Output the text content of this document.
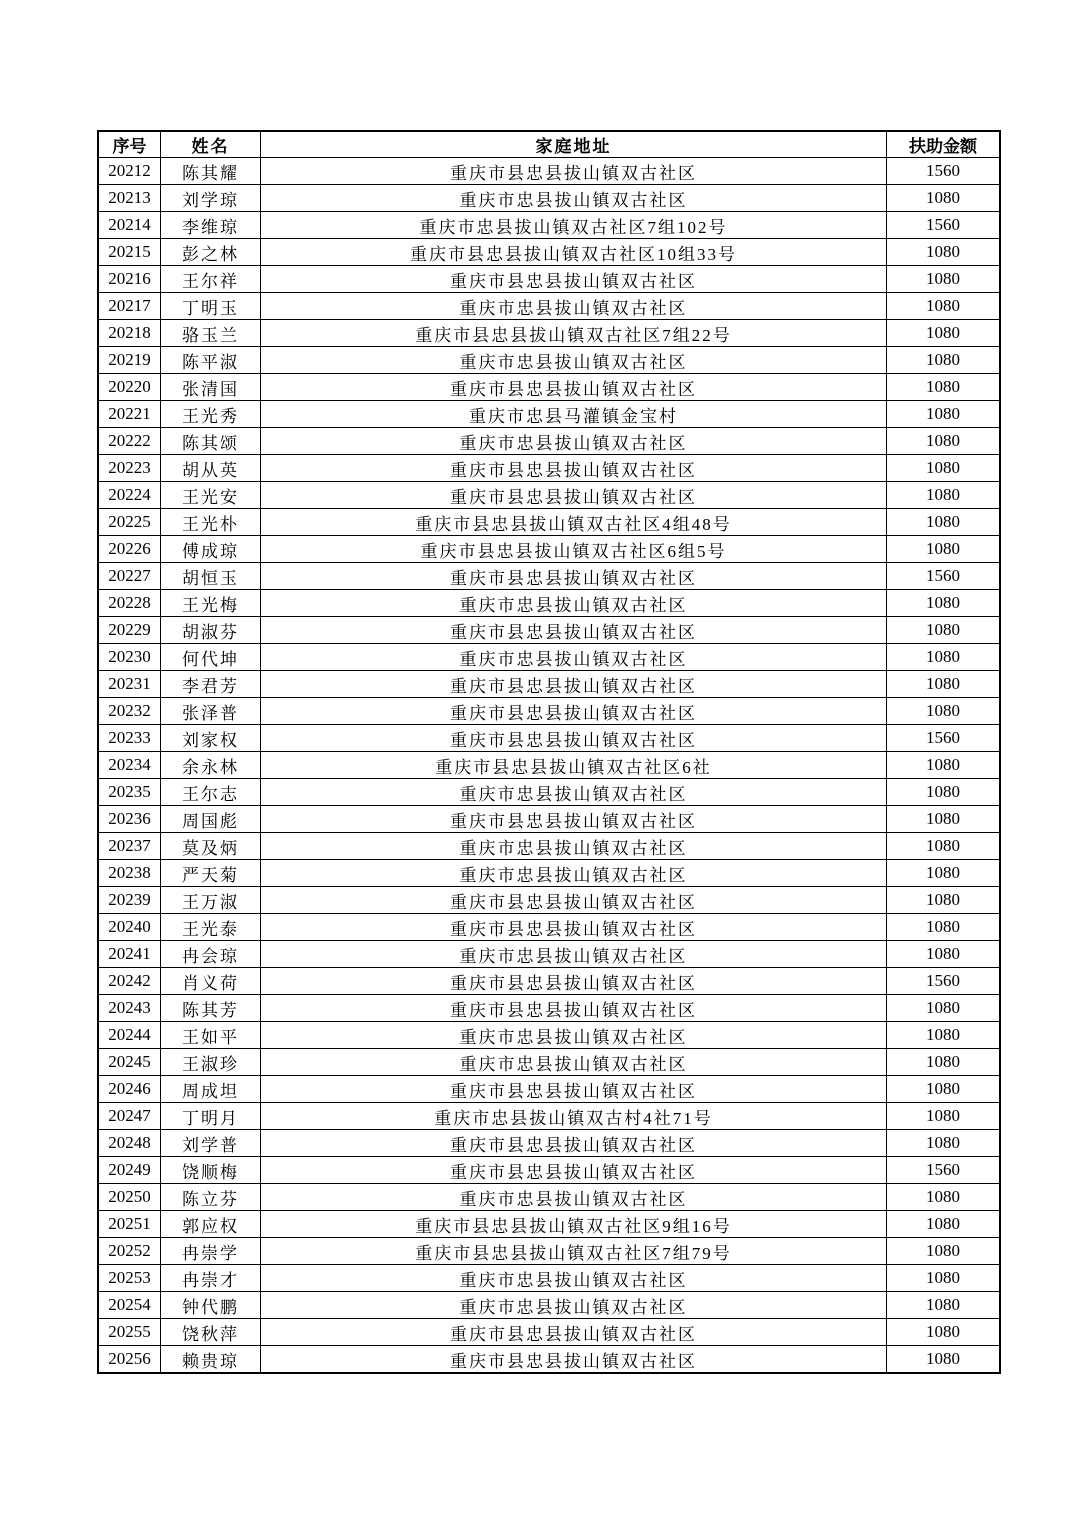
序号	姓名	家庭地址	扶助金额
20212	陈其耀	重庆市县忠县拔山镇双古社区	1560
20213	刘学琼	重庆市忠县拔山镇双古社区	1080
20214	李维琼	重庆市忠县拔山镇双古社区7组102号	1560
20215	彭之林	重庆市县忠县拔山镇双古社区10组33号	1080
20216	王尔祥	重庆市县忠县拔山镇双古社区	1080
20217	丁明玉	重庆市忠县拔山镇双古社区	1080
20218	骆玉兰	重庆市县忠县拔山镇双古社区7组22号	1080
20219	陈平淑	重庆市忠县拔山镇双古社区	1080
20220	张清国	重庆市县忠县拔山镇双古社区	1080
20221	王光秀	重庆市忠县马灌镇金宝村	1080
20222	陈其颂	重庆市忠县拔山镇双古社区	1080
20223	胡从英	重庆市县忠县拔山镇双古社区	1080
20224	王光安	重庆市县忠县拔山镇双古社区	1080
20225	王光朴	重庆市县忠县拔山镇双古社区4组48号	1080
20226	傅成琼	重庆市县忠县拔山镇双古社区6组5号	1080
20227	胡恒玉	重庆市县忠县拔山镇双古社区	1560
20228	王光梅	重庆市忠县拔山镇双古社区	1080
20229	胡淑芬	重庆市县忠县拔山镇双古社区	1080
20230	何代坤	重庆市忠县拔山镇双古社区	1080
20231	李君芳	重庆市县忠县拔山镇双古社区	1080
20232	张泽普	重庆市县忠县拔山镇双古社区	1080
20233	刘家权	重庆市县忠县拔山镇双古社区	1560
20234	余永林	重庆市县忠县拔山镇双古社区6社	1080
20235	王尔志	重庆市忠县拔山镇双古社区	1080
20236	周国彪	重庆市县忠县拔山镇双古社区	1080
20237	莫及炳	重庆市忠县拔山镇双古社区	1080
20238	严天菊	重庆市忠县拔山镇双古社区	1080
20239	王万淑	重庆市县忠县拔山镇双古社区	1080
20240	王光泰	重庆市县忠县拔山镇双古社区	1080
20241	冉会琼	重庆市忠县拔山镇双古社区	1080
20242	肖义荷	重庆市县忠县拔山镇双古社区	1560
20243	陈其芳	重庆市县忠县拔山镇双古社区	1080
20244	王如平	重庆市忠县拔山镇双古社区	1080
20245	王淑珍	重庆市忠县拔山镇双古社区	1080
20246	周成坦	重庆市县忠县拔山镇双古社区	1080
20247	丁明月	重庆市忠县拔山镇双古村4社71号	1080
20248	刘学普	重庆市县忠县拔山镇双古社区	1080
20249	饶顺梅	重庆市县忠县拔山镇双古社区	1560
20250	陈立芬	重庆市忠县拔山镇双古社区	1080
20251	郭应权	重庆市县忠县拔山镇双古社区9组16号	1080
20252	冉崇学	重庆市县忠县拔山镇双古社区7组79号	1080
20253	冉崇才	重庆市忠县拔山镇双古社区	1080
20254	钟代鹏	重庆市忠县拔山镇双古社区	1080
20255	饶秋萍	重庆市县忠县拔山镇双古社区	1080
20256	赖贵琼	重庆市县忠县拔山镇双古社区	1080
